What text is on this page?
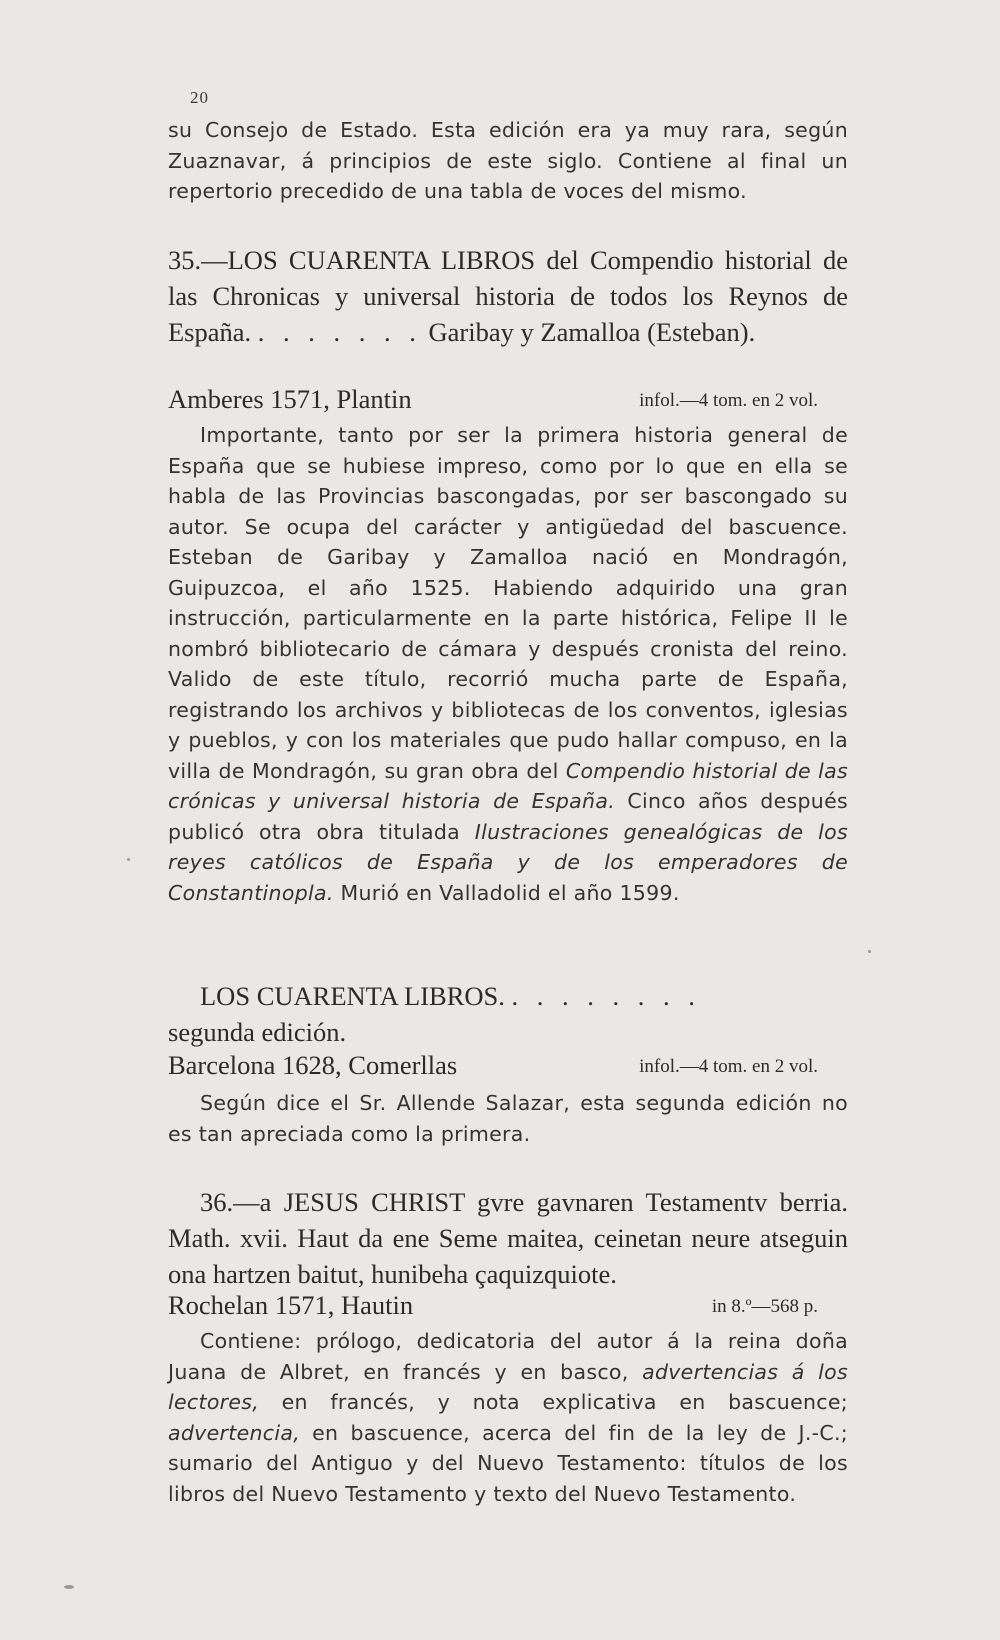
20

su Consejo de Estado. Esta edición era ya muy rara, según Zuaznavar, á principios de este siglo. Contiene al final un repertorio precedido de una tabla de voces del mismo.

35.—LOS CUARENTA LIBROS del Compendio historial de las Chronicas y universal historia de todos los Reynos de España. . . . . . . . Garibay y Zamalloa (Esteban).

Amberes 1571, Plantin	infol.—4 tom. en 2 vol.

Importante, tanto por ser la primera historia general de España que se hubiese impreso, como por lo que en ella se habla de las Provincias bascongadas, por ser bascongado su autor. Se ocupa del carácter y antigüedad del bascuence. Esteban de Garibay y Zamalloa nació en Mondragón, Guipuzcoa, el año 1525. Habiendo adquirido una gran instrucción, particularmente en la parte histórica, Felipe II le nombró bibliotecario de cámara y después cronista del reino. Valido de este título, recorrió mucha parte de España, registrando los archivos y bibliotecas de los conventos, iglesias y pueblos, y con los materiales que pudo hallar compuso, en la villa de Mondragón, su gran obra del Compendio historial de las crónicas y universal historia de España. Cinco años después publicó otra obra titulada Ilustraciones genealógicas de los reyes católicos de España y de los emperadores de Constantinopla. Murió en Valladolid el año 1599.

LOS CUARENTA LIBROS. . . . . . . . .

segunda edición.

Barcelona 1628, Comerllas	infol.—4 tom. en 2 vol.

Según dice el Sr. Allende Salazar, esta segunda edición no es tan apreciada como la primera.

36.—a JESUS CHRIST gvre gavnaren Testamentv berria. Math. xvii. Haut da ene Seme maitea, ceinetan neure atseguin ona hartzen baitut, hunibeha çaquizquiote.

Rochelan 1571, Hautin	in 8.º—568 p.

Contiene: prólogo, dedicatoria del autor á la reina doña Juana de Albret, en francés y en basco, advertencias á los lectores, en francés, y nota explicativa en bascuence; advertencia, en bascuence, acerca del fin de la ley de J.-C.; sumario del Antiguo y del Nuevo Testamento: títulos de los libros del Nuevo Testamento y texto del Nuevo Testamento.
